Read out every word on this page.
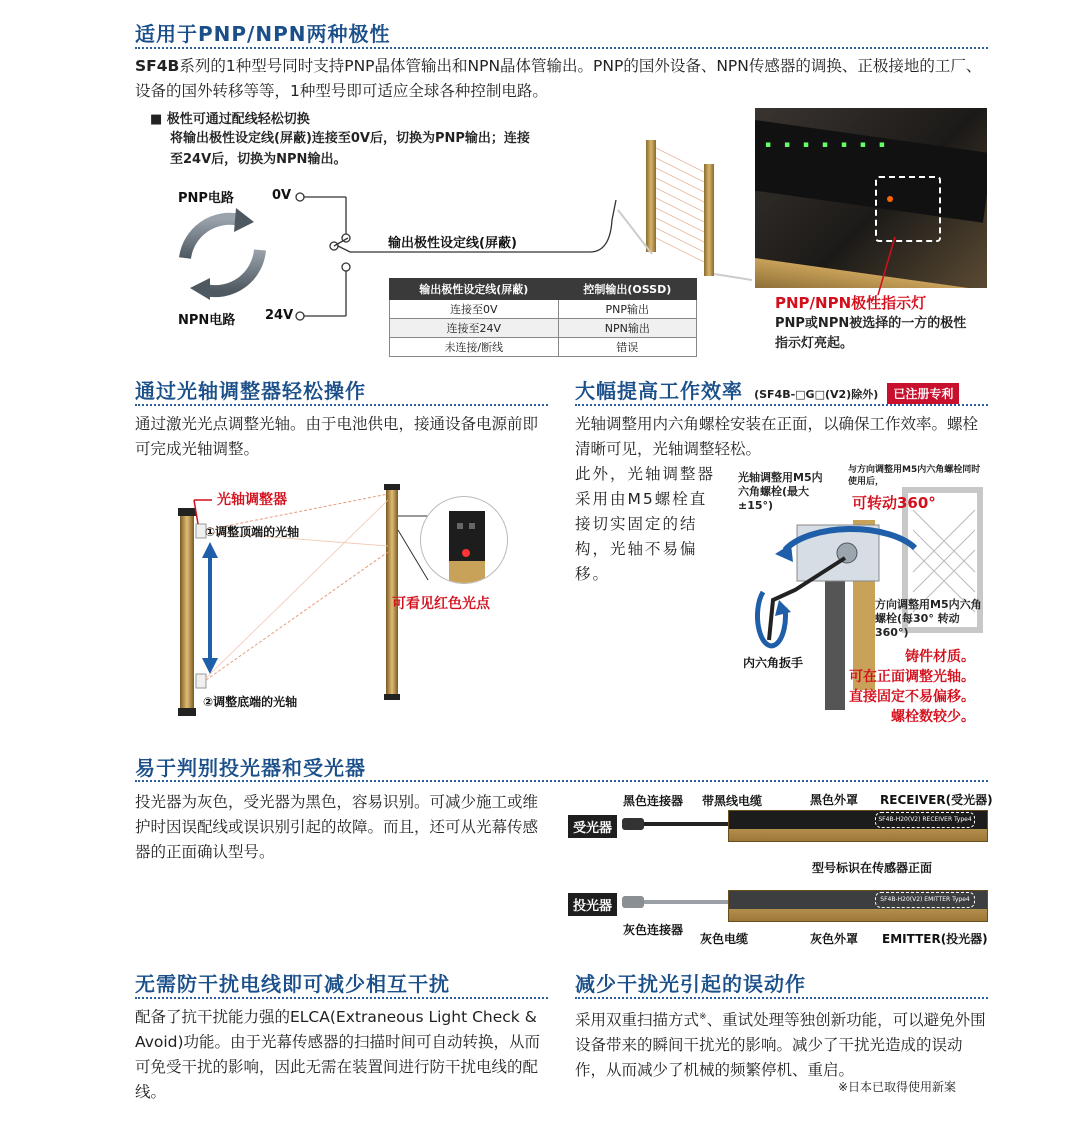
适用于PNP/NPN两种极性
SF4B系列的1种型号同时支持PNP晶体管输出和NPN晶体管输出。PNP的国外设备、NPN传感器的调换、正极接地的工厂、设备的国外转移等等，1种型号即可适应全球各种控制电路。
■ 极性可通过配线轻松切换
将输出极性设定线(屏蔽)连接至0V后，切换为PNP输出；连接至24V后，切换为NPN输出。
PNP电路
NPN电路
0V
24V
输出极性设定线(屏蔽)
输出极性设定线(屏蔽)	控制输出(OSSD)
连接至0V	PNP输出
连接至24V	NPN输出
未连接/断线	错误
▪ ▪ ▪ ▪ ▪ ▪ ▪
PNP/NPN极性指示灯
PNP或NPN被选择的一方的极性指示灯亮起。
通过光轴调整器轻松操作
通过激光光点调整光轴。由于电池供电，接通设备电源前即可完成光轴调整。
光轴调整器
①调整顶端的光轴
②调整底端的光轴
可看见红色光点
大幅提高工作效率 (SF4B-□G□(V2)除外) 已注册专利
光轴调整用内六角螺栓安装在正面，以确保工作效率。螺栓清晰可见，光轴调整轻松。
此外，光轴调整器采用由M5螺栓直接切实固定的结构，光轴不易偏移。
光轴调整用M5内六角螺栓(最大±15°)
与方向调整用M5内六角螺栓同时使用后，
可转动360°
方向调整用M5内六角螺栓(每30° 转动360°)
内六角扳手	铸件材质。
可在正面调整光轴。
直接固定不易偏移。
螺栓数较少。
易于判别投光器和受光器
投光器为灰色，受光器为黑色，容易识别。可减少施工或维护时因误配线或误识别引起的故障。而且，还可从光幕传感器的正面确认型号。
受光器
SF4B-H20(V2) RECEIVER Type4
黑色连接器 带黑线电缆	黑色外罩 RECEIVER(受光器)
型号标识在传感器正面
投光器	SF4B-H20(V2) EMITTER Type4
灰色连接器
灰色电缆	灰色外罩 EMITTER(投光器)
无需防干扰电线即可减少相互干扰
配备了抗干扰能力强的ELCA(Extraneous Light Check & Avoid)功能。由于光幕传感器的扫描时间可自动转换，从而可免受干扰的影响，因此无需在装置间进行防干扰电线的配线。
减少干扰光引起的误动作
采用双重扫描方式※、重试处理等独创新功能，可以避免外围设备带来的瞬间干扰光的影响。减少了干扰光造成的误动作，从而减少了机械的频繁停机、重启。
※日本已取得使用新案
